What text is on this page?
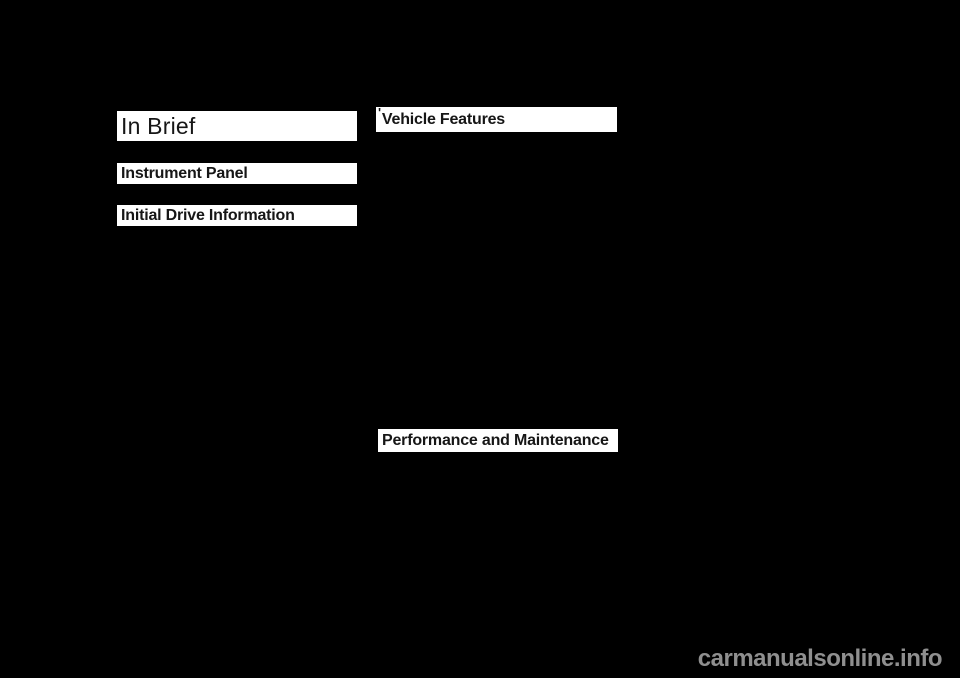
In Brief
Instrument Panel
Initial Drive Information
' Vehicle Features
Performance and Maintenance
carmanualsonline.info
